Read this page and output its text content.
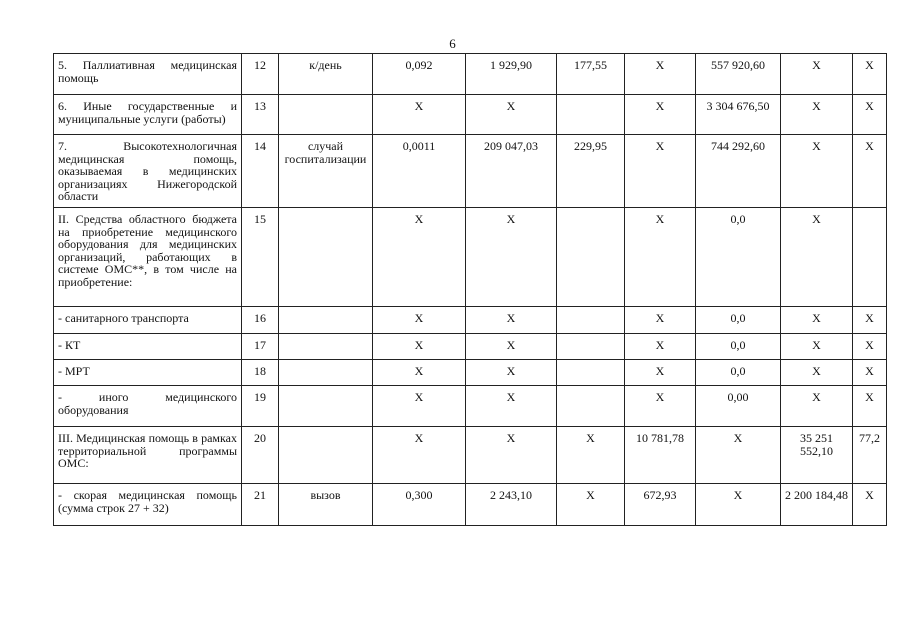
6
5. Паллиативная медицинская помощь	12	к/день	0,092	1 929,90	177,55	X	557 920,60	X	X
6. Иные государственные и муниципальные услуги (работы)	13		X	X		X	3 304 676,50	X	X
7. Высокотехнологичная медицинская помощь, оказываемая в медицинских организациях Нижегородской области	14	случай госпитализации	0,0011	209 047,03	229,95	X	744 292,60	X	X
II. Средства областного бюджета на приобретение медицинского оборудования для медицинских организаций, работающих в системе ОМС**, в том числе на приобретение:	15		X	X		X	0,0	X	
- санитарного транспорта	16		X	X		X	0,0	X	X
- КТ	17		X	X		X	0,0	X	X
- МРТ	18		X	X		X	0,0	X	X
- иного медицинского оборудования	19		X	X		X	0,00	X	X
III. Медицинская помощь в рамках территориальной программы ОМС:	20		X	X	X	10 781,78	X	35 251 552,10	77,2
- скорая медицинская помощь (сумма строк 27 + 32)	21	вызов	0,300	2 243,10	X	672,93	X	2 200 184,48	X
